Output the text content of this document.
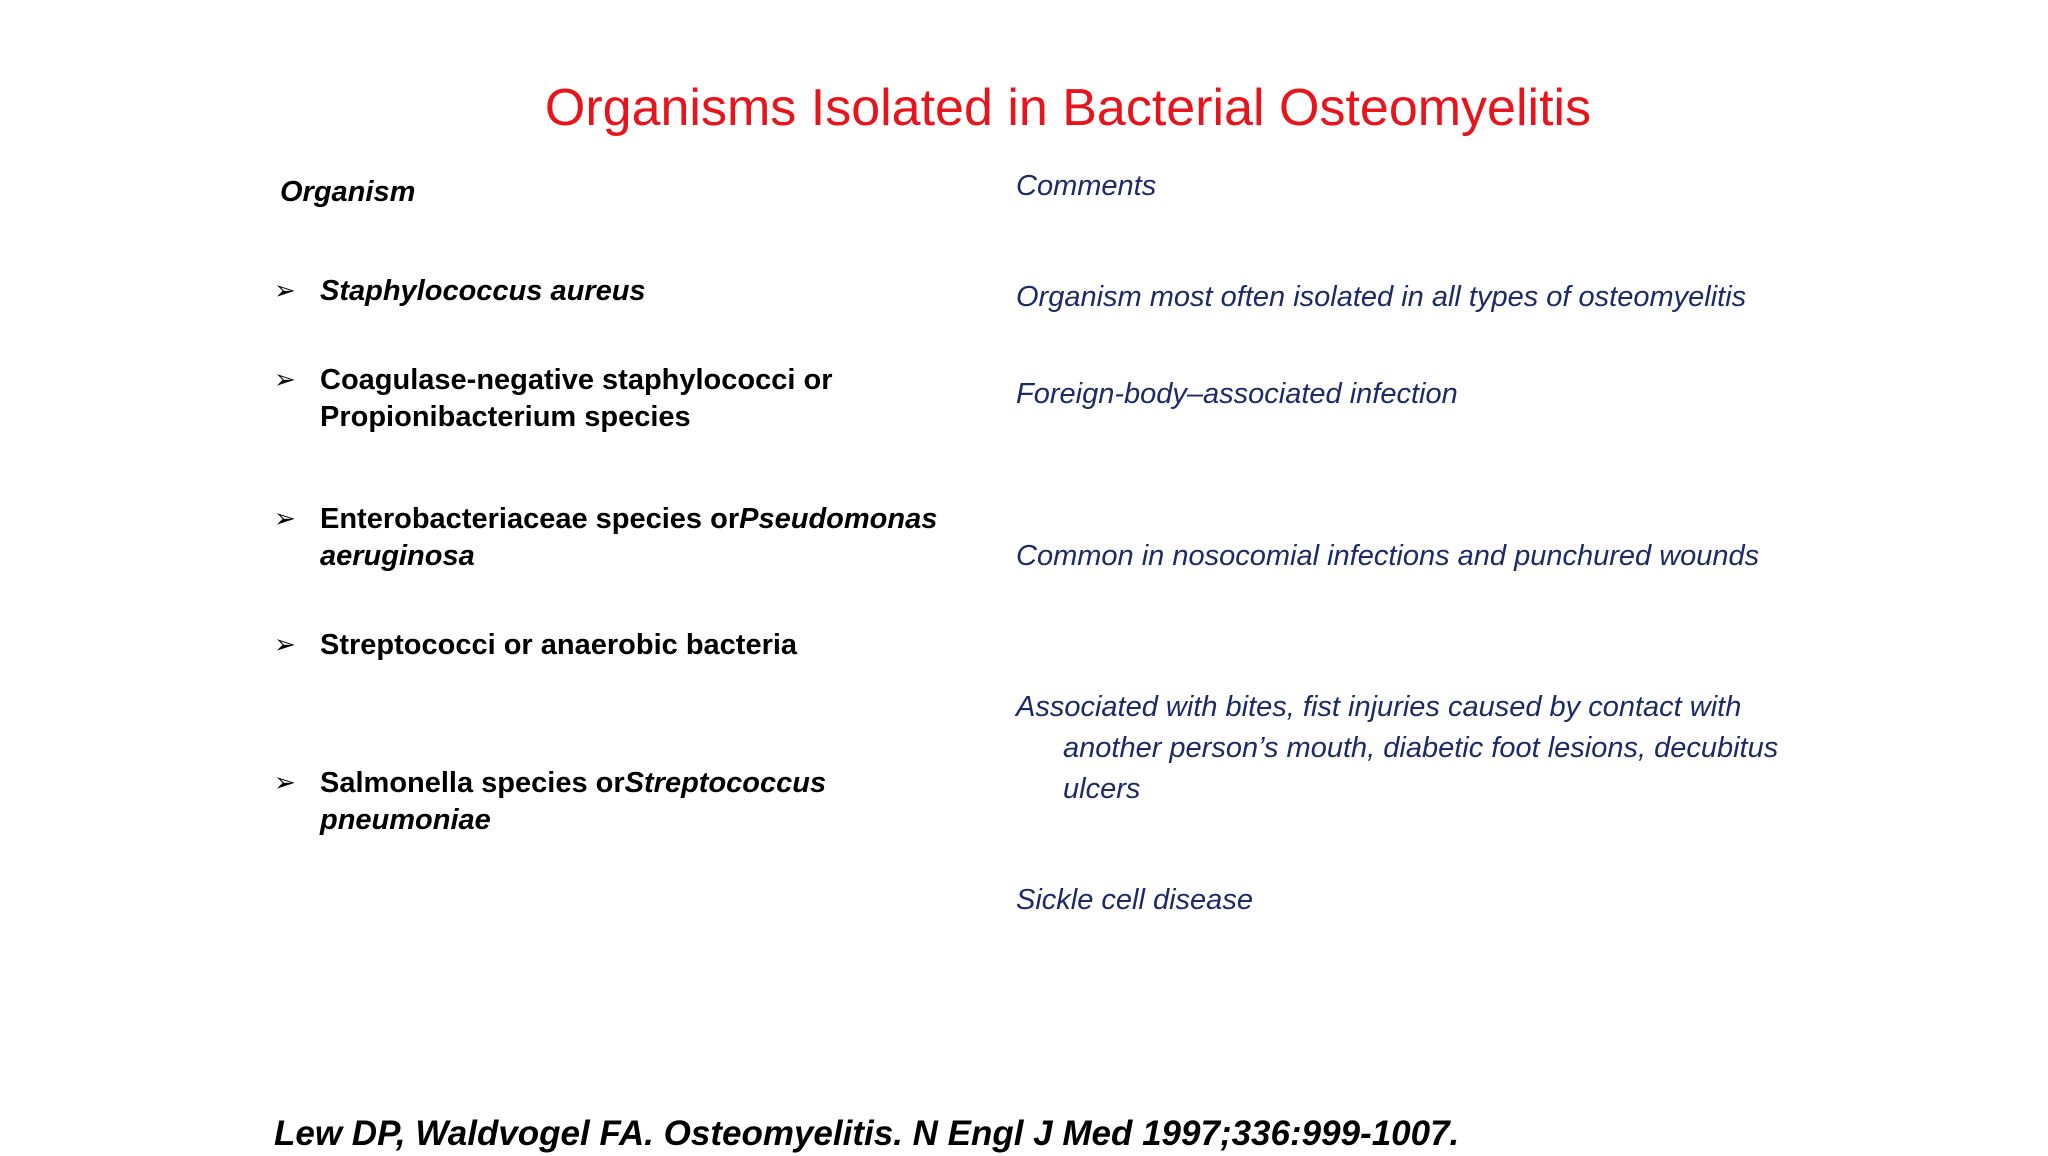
Organisms Isolated in Bacterial Osteomyelitis
Organism	Comments
➢ Staphylococcus aureus
➢ Coagulase-negative staphylococci or Propionibacterium species
➢ Enterobacteriaceae species orPseudomonas aeruginosa
➢ Streptococci or anaerobic bacteria
➢ Salmonella species orStreptococcus pneumoniae
Organism most often isolated in all types of osteomyelitis
Foreign-body–associated infection
Common in nosocomial infections and punchured wounds
Associated with bites, fist injuries caused by contact with another person’s mouth, diabetic foot lesions, decubitus ulcers
Sickle cell disease
Lew DP, Waldvogel FA. Osteomyelitis. N Engl J Med 1997;336:999-1007.
